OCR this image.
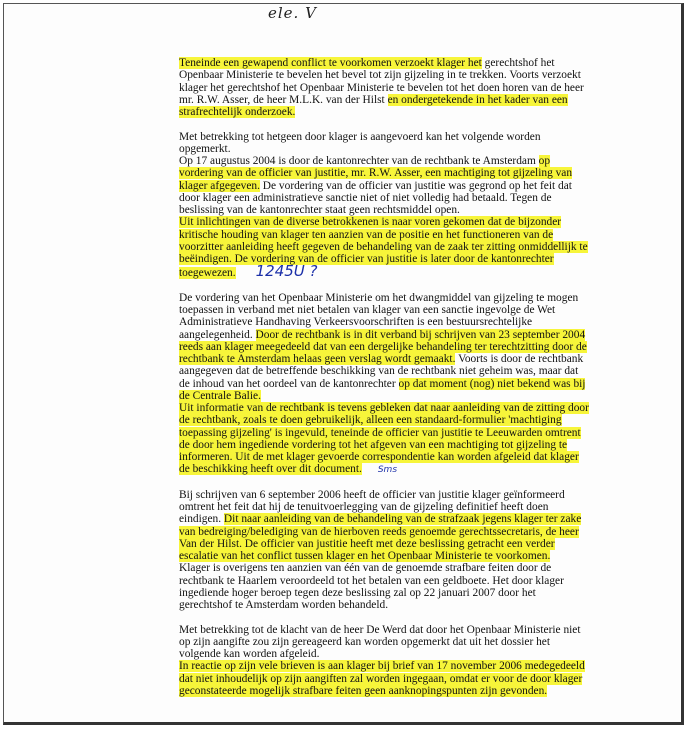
ele. V

Teneinde een gewapend conflict te voorkomen verzoekt klager het gerechtshof het Openbaar Ministerie te bevelen het bevel tot zijn gijzeling in te trekken. Voorts verzoekt klager het gerechtshof het Openbaar Ministerie te bevelen tot het doen horen van de heer mr. R.W. Asser, de heer M.L.K. van der Hilst en ondergetekende in het kader van een strafrechtelijk onderzoek.

Met betrekking tot hetgeen door klager is aangevoerd kan het volgende worden opgemerkt.

Op 17 augustus 2004 is door de kantonrechter van de rechtbank te Amsterdam op vordering van de officier van justitie, mr. R.W. Asser, een machtiging tot gijzeling van klager afgegeven. De vordering van de officier van justitie was gegrond op het feit dat door klager een administratieve sanctie niet of niet volledig had betaald. Tegen de beslissing van de kantonrechter staat geen rechtsmiddel open.

Uit inlichtingen van de diverse betrokkenen is naar voren gekomen dat de bijzonder kritische houding van klager ten aanzien van de positie en het functioneren van de voorzitter aanleiding heeft gegeven de behandeling van de zaak ter zitting onmiddellijk te beëindigen. De vordering van de officier van justitie is later door de kantonrechter toegewezen. 1245U ?

De vordering van het Openbaar Ministerie om het dwangmiddel van gijzeling te mogen toepassen in verband met niet betalen van klager van een sanctie ingevolge de Wet Administratieve Handhaving Verkeersvoorschriften is een bestuursrechtelijke aangelegenheid. Door de rechtbank is in dit verband bij schrijven van 23 september 2004 reeds aan klager meegedeeld dat van een dergelijke behandeling ter terechtzitting door de rechtbank te Amsterdam helaas geen verslag wordt gemaakt. Voorts is door de rechtbank aangegeven dat de betreffende beschikking van de rechtbank niet geheim was, maar dat de inhoud van het oordeel van de kantonrechter op dat moment (nog) niet bekend was bij de Centrale Balie.

Uit informatie van de rechtbank is tevens gebleken dat naar aanleiding van de zitting door de rechtbank, zoals te doen gebruikelijk, alleen een standaard-formulier 'machtiging toepassing gijzeling' is ingevuld, teneinde de officier van justitie te Leeuwarden omtrent de door hem ingediende vordering tot het afgeven van een machtiging tot gijzeling te informeren. Uit de met klager gevoerde correspondentie kan worden afgeleid dat klager de beschikking heeft over dit document. Sms

Bij schrijven van 6 september 2006 heeft de officier van justitie klager geïnformeerd omtrent het feit dat hij de tenuitvoerlegging van de gijzeling definitief heeft doen eindigen. Dit naar aanleiding van de behandeling van de strafzaak jegens klager ter zake van bedreiging/belediging van de hierboven reeds genoemde gerechtssecretaris, de heer Van der Hilst. De officier van justitie heeft met deze beslissing getracht een verder escalatie van het conflict tussen klager en het Openbaar Ministerie te voorkomen.

Klager is overigens ten aanzien van één van de genoemde strafbare feiten door de rechtbank te Haarlem veroordeeld tot het betalen van een geldboete. Het door klager ingediende hoger beroep tegen deze beslissing zal op 22 januari 2007 door het gerechtshof te Amsterdam worden behandeld.

Met betrekking tot de klacht van de heer De Werd dat door het Openbaar Ministerie niet op zijn aangifte zou zijn gereageerd kan worden opgemerkt dat uit het dossier het volgende kan worden afgeleid.

In reactie op zijn vele brieven is aan klager bij brief van 17 november 2006 medegedeeld dat niet inhoudelijk op zijn aangiften zal worden ingegaan, omdat er voor de door klager geconstateerde mogelijk strafbare feiten geen aanknopingspunten zijn gevonden.
